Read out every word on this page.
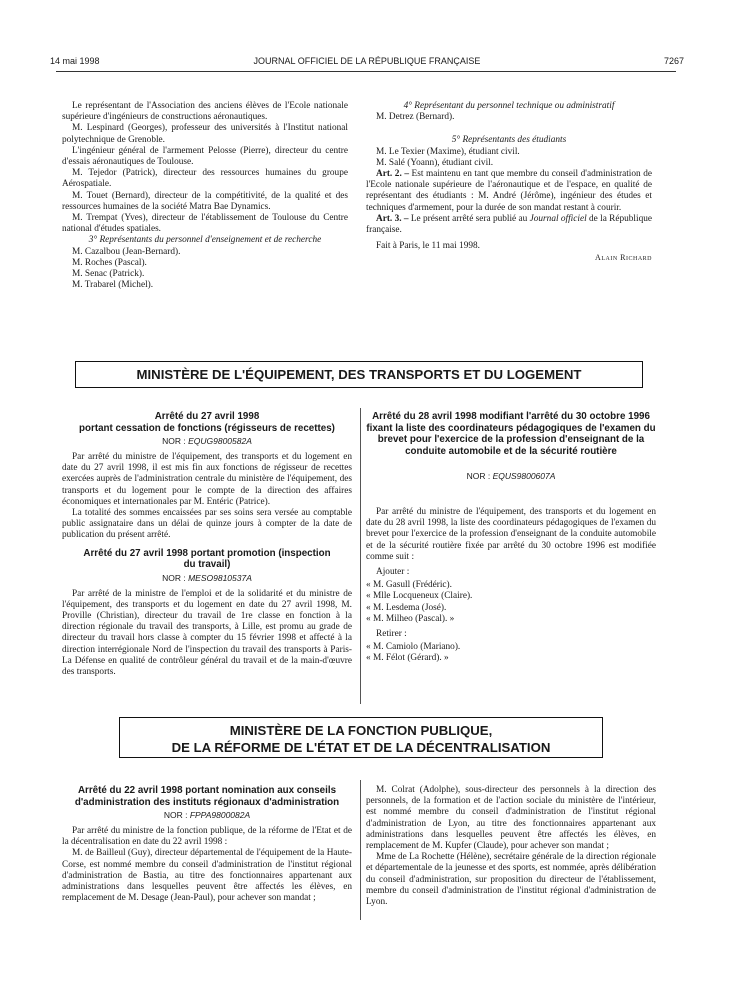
14 mai 1998	JOURNAL OFFICIEL DE LA RÉPUBLIQUE FRANÇAISE	7267

Le représentant de l'Association des anciens élèves de l'Ecole nationale supérieure d'ingénieurs de constructions aéronautiques.

M. Lespinard (Georges), professeur des universités à l'Institut national polytechnique de Grenoble.

L'ingénieur général de l'armement Pelosse (Pierre), directeur du centre d'essais aéronautiques de Toulouse.

M. Tejedor (Patrick), directeur des ressources humaines du groupe Aérospatiale.

M. Touet (Bernard), directeur de la compétitivité, de la qualité et des ressources humaines de la société Matra Bae Dynamics.

M. Trempat (Yves), directeur de l'établissement de Toulouse du Centre national d'études spatiales.

3° Représentants du personnel d'enseignement et de recherche

M. Cazalbou (Jean-Bernard).

M. Roches (Pascal).

M. Senac (Patrick).

M. Trabarel (Michel).

4° Représentant du personnel technique ou administratif

M. Detrez (Bernard).

5° Représentants des étudiants

M. Le Texier (Maxime), étudiant civil.

M. Salé (Yoann), étudiant civil.

Art. 2. – Est maintenu en tant que membre du conseil d'administration de l'Ecole nationale supérieure de l'aéronautique et de l'espace, en qualité de représentant des étudiants : M. André (Jérôme), ingénieur des études et techniques d'armement, pour la durée de son mandat restant à courir.

Art. 3. – Le présent arrêté sera publié au Journal officiel de la République française.

Fait à Paris, le 11 mai 1998.

Alain Richard

MINISTÈRE DE L'ÉQUIPEMENT, DES TRANSPORTS ET DU LOGEMENT
Arrêté du 27 avril 1998
portant cessation de fonctions (régisseurs de recettes)
NOR : EQUG9800582A

Par arrêté du ministre de l'équipement, des transports et du logement en date du 27 avril 1998, il est mis fin aux fonctions de régisseur de recettes exercées auprès de l'administration centrale du ministère de l'équipement, des transports et du logement pour le compte de la direction des affaires économiques et internationales par M. Entéric (Patrice).

La totalité des sommes encaissées par ses soins sera versée au comptable public assignataire dans un délai de quinze jours à compter de la date de publication du présent arrêté.

Arrêté du 27 avril 1998 portant promotion (inspection du travail)
NOR : MESO9810537A

Par arrêté de la ministre de l'emploi et de la solidarité et du ministre de l'équipement, des transports et du logement en date du 27 avril 1998, M. Proville (Christian), directeur du travail de 1re classe en fonction à la direction régionale du travail des transports, à Lille, est promu au grade de directeur du travail hors classe à compter du 15 février 1998 et affecté à la direction interrégionale Nord de l'inspection du travail des transports à Paris-La Défense en qualité de contrôleur général du travail et de la main-d'œuvre des transports.

Arrêté du 28 avril 1998 modifiant l'arrêté du 30 octobre 1996 fixant la liste des coordinateurs pédagogiques de l'examen du brevet pour l'exercice de la profession d'enseignant de la conduite automobile et de la sécurité routière
NOR : EQUS9800607A

Par arrêté du ministre de l'équipement, des transports et du logement en date du 28 avril 1998, la liste des coordinateurs pédagogiques de l'examen du brevet pour l'exercice de la profession d'enseignant de la conduite automobile et de la sécurité routière fixée par arrêté du 30 octobre 1996 est modifiée comme suit :

Ajouter :

« M. Gasull (Frédéric).

« Mlle Locqueneux (Claire).

« M. Lesdema (José).

« M. Milheo (Pascal). »

Retirer :

« M. Camiolo (Mariano).

« M. Félot (Gérard). »

MINISTÈRE DE LA FONCTION PUBLIQUE,
DE LA RÉFORME DE L'ÉTAT ET DE LA DÉCENTRALISATION
Arrêté du 22 avril 1998 portant nomination aux conseils d'administration des instituts régionaux d'administration
NOR : FPPA9800082A

Par arrêté du ministre de la fonction publique, de la réforme de l'Etat et de la décentralisation en date du 22 avril 1998 :

M. de Bailleul (Guy), directeur départemental de l'équipement de la Haute-Corse, est nommé membre du conseil d'administration de l'institut régional d'administration de Bastia, au titre des fonctionnaires appartenant aux administrations dans lesquelles peuvent être affectés les élèves, en remplacement de M. Desage (Jean-Paul), pour achever son mandat ;

M. Colrat (Adolphe), sous-directeur des personnels à la direction des personnels, de la formation et de l'action sociale du ministère de l'intérieur, est nommé membre du conseil d'administration de l'institut régional d'administration de Lyon, au titre des fonctionnaires appartenant aux administrations dans lesquelles peuvent être affectés les élèves, en remplacement de M. Kupfer (Claude), pour achever son mandat ;

Mme de La Rochette (Hélène), secrétaire générale de la direction régionale et départementale de la jeunesse et des sports, est nommée, après délibération du conseil d'administration, sur proposition du directeur de l'établissement, membre du conseil d'administration de l'institut régional d'administration de Lyon.
